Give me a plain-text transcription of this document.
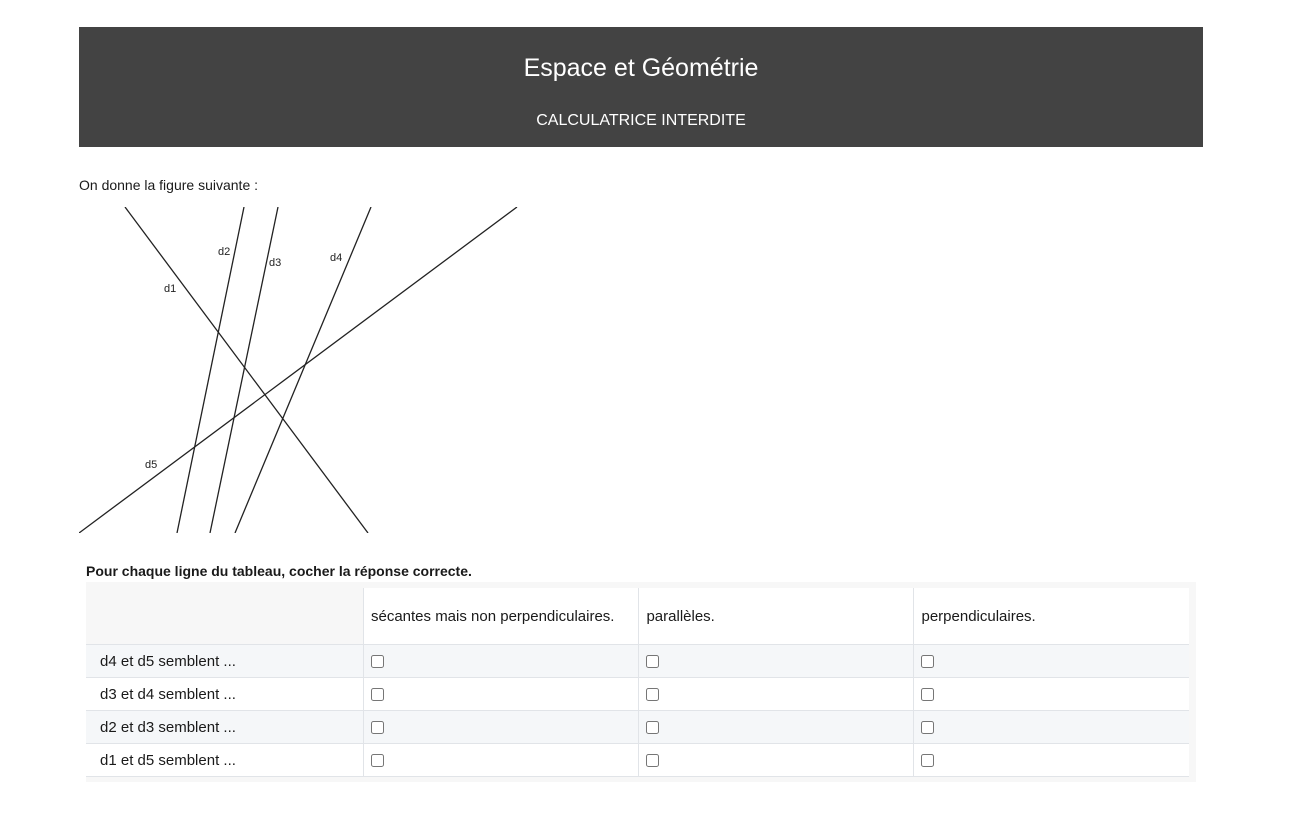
Espace et Géométrie
CALCULATRICE INTERDITE
On donne la figure suivante :
d1
d2
d3	d4
d5
Pour chaque ligne du tableau, cocher la réponse correcte.
	sécantes mais non perpendiculaires.	parallèles.	perpendiculaires.
d4 et d5 semblent ...			
d3 et d4 semblent ...			
d2 et d3 semblent ...			
d1 et d5 semblent ...			
